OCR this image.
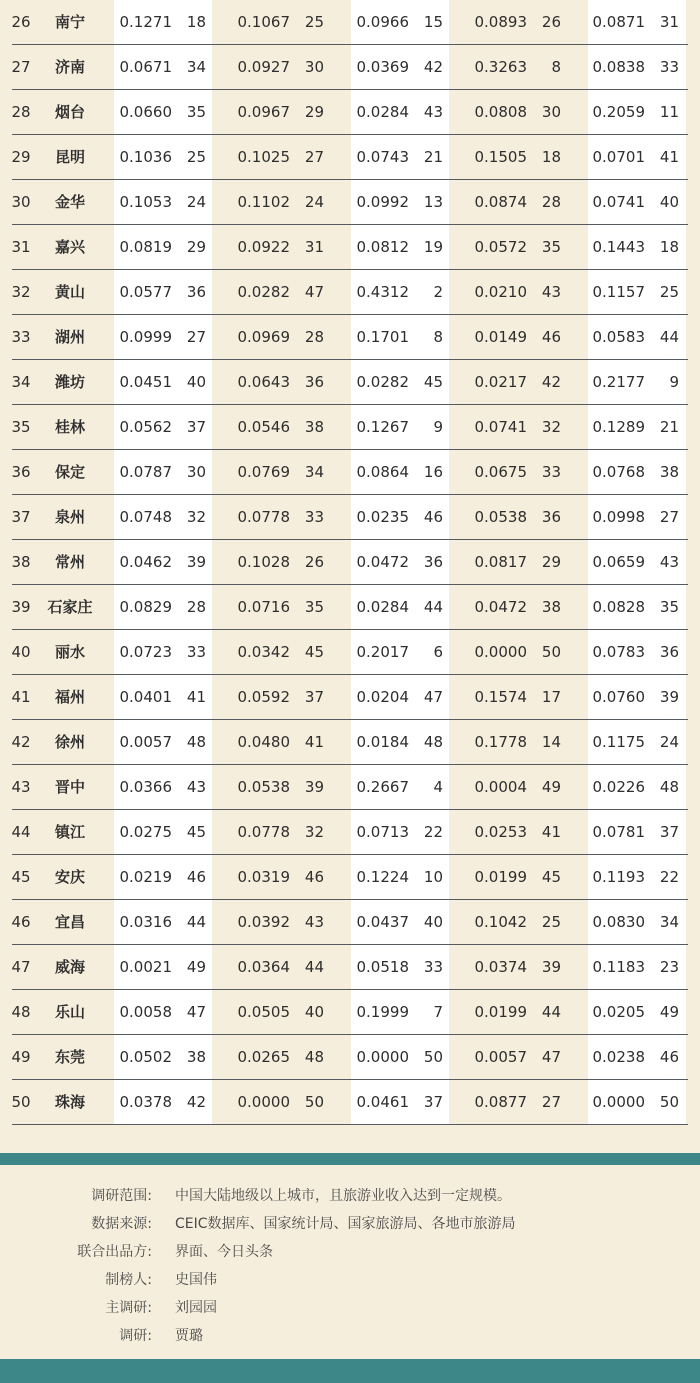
26	南宁	0.1271 18	0.1067 25	0.0966 15	0.0893 26	0.0871 31
27	济南	0.0671 34	0.0927 30	0.0369 42	0.3263	8	0.0838 33
28	烟台	0.0660 35	0.0967 29	0.0284 43	0.0808 30	0.2059 11
29	昆明	0.1036 25	0.1025 27	0.0743 21	0.1505 18	0.0701 41
30	金华	0.1053 24	0.1102 24	0.0992 13	0.0874 28	0.0741 40
31	嘉兴	0.0819 29	0.0922 31	0.0812 19	0.0572 35	0.1443 18
32	黄山	0.0577 36	0.0282 47	0.4312	2	0.0210 43	0.1157 25
33	湖州	0.0999 27	0.0969 28	0.1701	8	0.0149 46	0.0583 44
34	潍坊	0.0451 40	0.0643 36	0.0282 45	0.0217 42	0.2177	9
35	桂林	0.0562 37	0.0546 38	0.1267	9	0.0741 32	0.1289 21
36	保定	0.0787 30	0.0769 34	0.0864 16	0.0675 33	0.0768 38
37	泉州	0.0748 32	0.0778 33	0.0235 46	0.0538 36	0.0998 27
38	常州	0.0462 39	0.1028 26	0.0472 36	0.0817 29	0.0659 43
39	石家庄	0.0829 28	0.0716 35	0.0284 44	0.0472 38	0.0828 35
40	丽水	0.0723 33	0.0342 45	0.2017	6	0.0000 50	0.0783 36
41	福州	0.0401 41	0.0592 37	0.0204 47	0.1574 17	0.0760 39
42	徐州	0.0057 48	0.0480 41	0.0184 48	0.1778 14	0.1175 24
43	晋中	0.0366 43	0.0538 39	0.2667	4	0.0004 49	0.0226 48
44	镇江	0.0275 45	0.0778 32	0.0713 22	0.0253 41	0.0781 37
45	安庆	0.0219 46	0.0319 46	0.1224 10	0.0199 45	0.1193 22
46	宜昌	0.0316 44	0.0392 43	0.0437 40	0.1042 25	0.0830 34
47	威海	0.0021 49	0.0364 44	0.0518 33	0.0374 39	0.1183 23
48	乐山	0.0058 47	0.0505 40	0.1999	7	0.0199 44	0.0205 49
49	东莞	0.0502 38	0.0265 48	0.0000 50	0.0057 47	0.0238 46
50	珠海	0.0378 42	0.0000 50	0.0461 37	0.0877 27	0.0000 50
调研范围: 中国大陆地级以上城市，且旅游业收入达到一定规模。
数据来源: CEIC数据库、国家统计局、国家旅游局、各地市旅游局
联合出品方: 界面、今日头条
制榜人: 史国伟
主调研: 刘园园
调研: 贾璐
